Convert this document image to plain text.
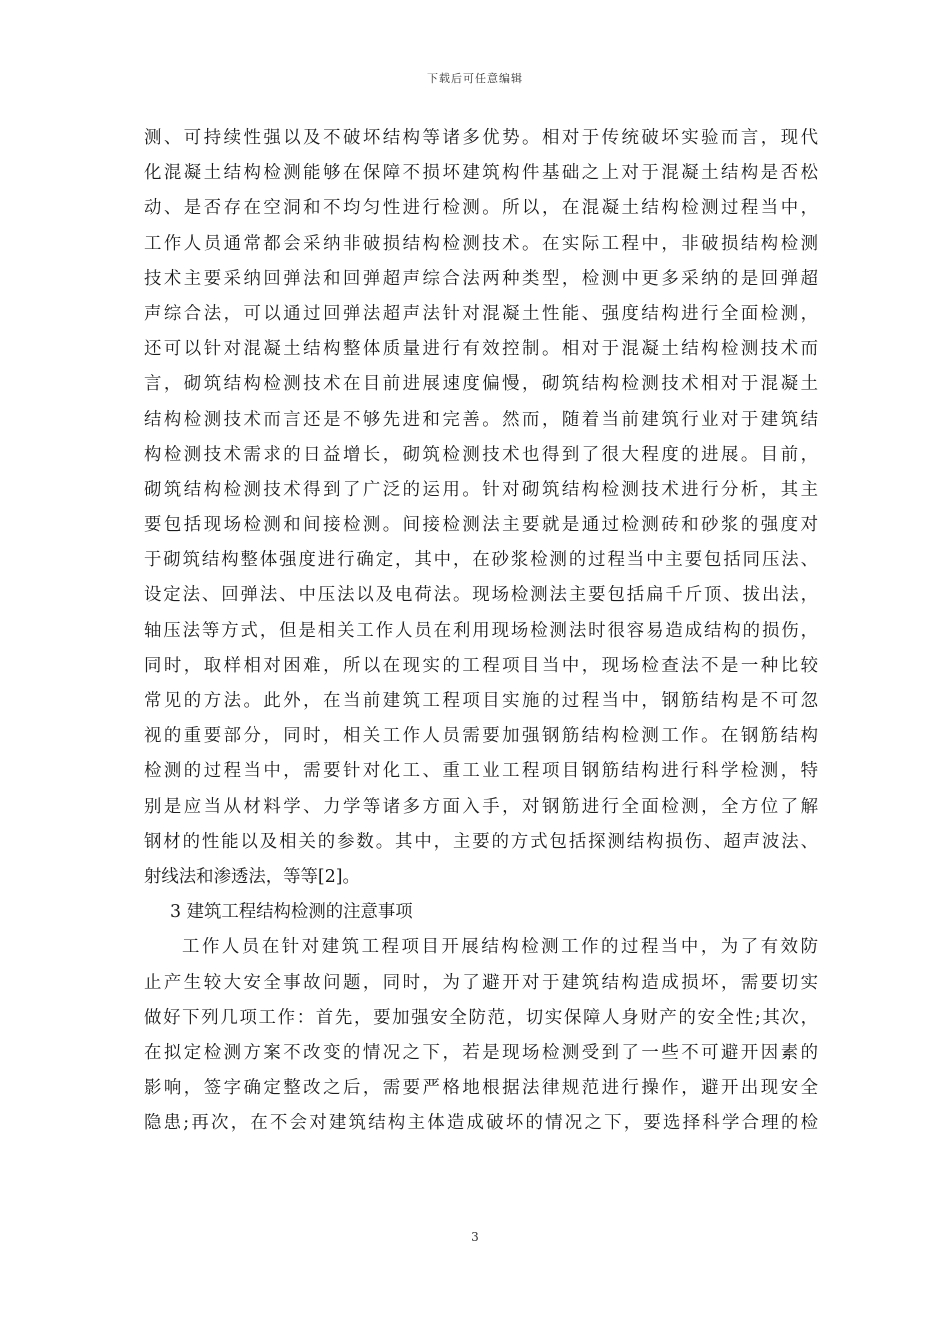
下载后可任意编辑
测、可持续性强以及不破坏结构等诸多优势。相对于传统破坏实验而言，现代
化混凝土结构检测能够在保障不损坏建筑构件基础之上对于混凝土结构是否松
动、是否存在空洞和不均匀性进行检测。所以，在混凝土结构检测过程当中，
工作人员通常都会采纳非破损结构检测技术。在实际工程中，非破损结构检测
技术主要采纳回弹法和回弹超声综合法两种类型，检测中更多采纳的是回弹超
声综合法，可以通过回弹法超声法针对混凝土性能、强度结构进行全面检测，
还可以针对混凝土结构整体质量进行有效控制。相对于混凝土结构检测技术而
言，砌筑结构检测技术在目前进展速度偏慢，砌筑结构检测技术相对于混凝土
结构检测技术而言还是不够先进和完善。然而，随着当前建筑行业对于建筑结
构检测技术需求的日益增长，砌筑检测技术也得到了很大程度的进展。目前，
砌筑结构检测技术得到了广泛的运用。针对砌筑结构检测技术进行分析，其主
要包括现场检测和间接检测。间接检测法主要就是通过检测砖和砂浆的强度对
于砌筑结构整体强度进行确定，其中，在砂浆检测的过程当中主要包括同压法、
设定法、回弹法、中压法以及电荷法。现场检测法主要包括扁千斤顶、拔出法，
轴压法等方式，但是相关工作人员在利用现场检测法时很容易造成结构的损伤，
同时，取样相对困难，所以在现实的工程项目当中，现场检查法不是一种比较
常见的方法。此外，在当前建筑工程项目实施的过程当中，钢筋结构是不可忽
视的重要部分，同时，相关工作人员需要加强钢筋结构检测工作。在钢筋结构
检测的过程当中，需要针对化工、重工业工程项目钢筋结构进行科学检测，特
别是应当从材料学、力学等诸多方面入手，对钢筋进行全面检测，全方位了解
钢材的性能以及相关的参数。其中，主要的方式包括探测结构损伤、超声波法、
射线法和渗透法，等等[2]。
3 建筑工程结构检测的注意事项
工作人员在针对建筑工程项目开展结构检测工作的过程当中，为了有效防
止产生较大安全事故问题，同时，为了避开对于建筑结构造成损坏，需要切实
做好下列几项工作：首先，要加强安全防范，切实保障人身财产的安全性;其次，
在拟定检测方案不改变的情况之下，若是现场检测受到了一些不可避开因素的
影响，签字确定整改之后，需要严格地根据法律规范进行操作，避开出现安全
隐患;再次，在不会对建筑结构主体造成破坏的情况之下，要选择科学合理的检
3
